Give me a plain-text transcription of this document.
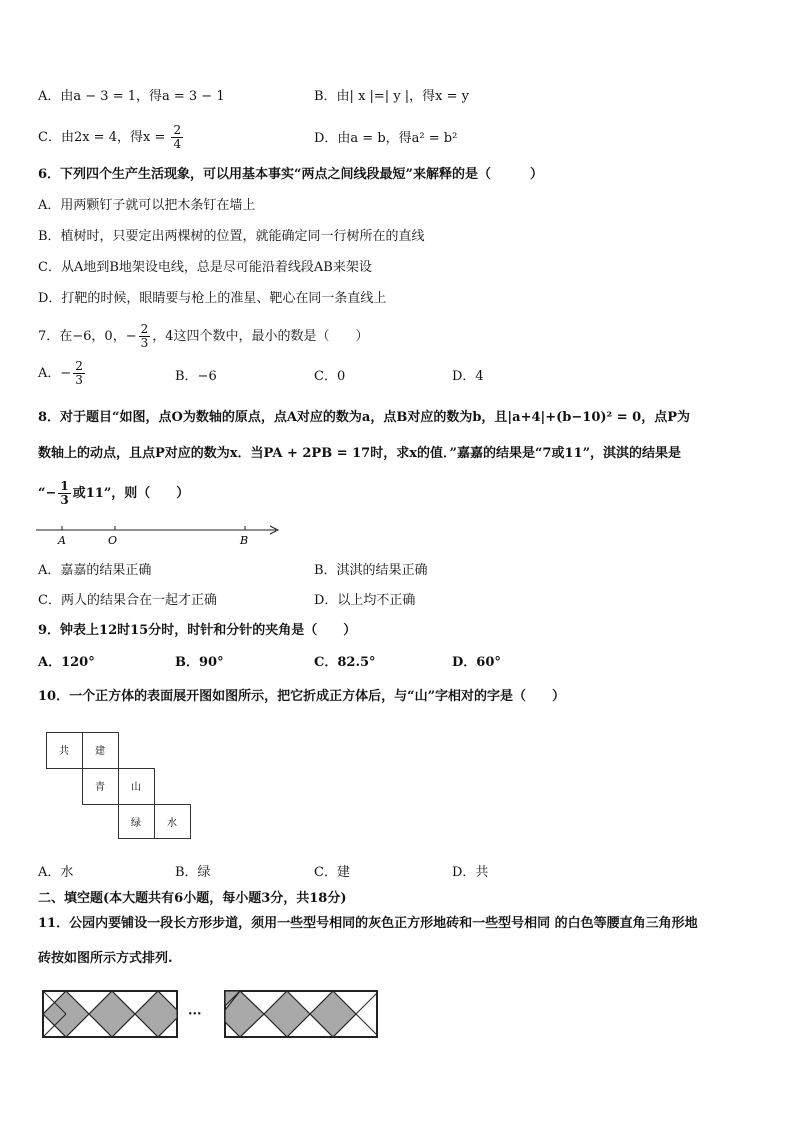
A．由a − 3 = 1，得a = 3 − 1	B．由| x |=| y |，得x = y
C．由2x = 4，得$x = \frac{2}{4}$	D．由a = b，得a² = b²
6．下列四个生产生活现象，可以用基本事实“两点之间线段最短”来解释的是（　　　）
A．用两颗钉子就可以把木条钉在墙上
B．植树时，只要定出两棵树的位置，就能确定同一行树所在的直线
C．从A地到B地架设电线，总是尽可能沿着线段AB来架设
D．打靶的时候，眼睛要与枪上的准星、靶心在同一条直线上
7．在−6，0，− $\frac{2}{3}$ ，4这四个数中，最小的数是（　　）
A．− $\frac{2}{3}$	B．−6	C．0	D．4
8．对于题目“如图，点O为数轴的原点，点A对应的数为a，点B对应的数为b，且|a+4|+(b−10)² = 0，点P为
数轴上的动点，且点P对应的数为x．当PA + 2PB = 17时，求x的值．”嘉嘉的结果是“7或11”，淇淇的结果是
“− $\frac{1}{3}$ 或11”，则（　　）
A	O	B
A．嘉嘉的结果正确	B．淇淇的结果正确
C．两人的结果合在一起才正确	D．以上均不正确
9．钟表上12时15分时，时针和分针的夹角是（　　）
A．120°	B．90°	C．82.5°	D．60°
10．一个正方体的表面展开图如图所示，把它折成正方体后，与“山”字相对的字是（　　）
共	建
青	山
绿	水
A．水	B．绿	C．建	D．共
二、填空题(本大题共有6小题，每小题3分，共18分)
11．公园内要铺设一段长方形步道，须用一些型号相同的灰色正方形地砖和一些型号相同 的白色等腰直角三角形地
砖按如图所示方式排列.
···
